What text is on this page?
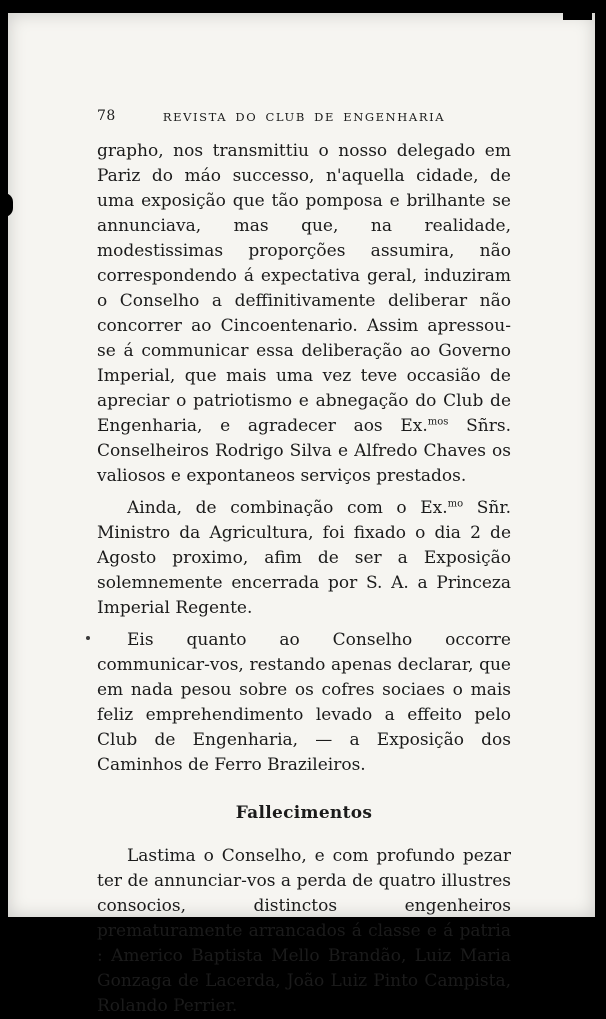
78	REVISTA DO CLUB DE ENGENHARIA

grapho, nos transmittiu o nosso delegado em Pariz do máo successo, n'aquella cidade, de uma exposição que tão pomposa e brilhante se annunciava, mas que, na realidade, modestissimas proporções assumira, não correspondendo á expectativa geral, induziram o Conselho a deffinitivamente deliberar não concorrer ao Cincoentenario. Assim apressou-se á communicar essa deliberação ao Governo Imperial, que mais uma vez teve occasião de apreciar o patriotismo e abnegação do Club de Engenharia, e agradecer aos Ex.$^{mos}$ Sñrs. Conselheiros Rodrigo Silva e Alfredo Chaves os valiosos e expontaneos serviços prestados.

Ainda, de combinação com o Ex.$^{mo}$ Sñr. Ministro da Agricultura, foi fixado o dia 2 de Agosto proximo, afim de ser a Exposição solemnemente encerrada por S. A. a Princeza Imperial Regente.

Eis quanto ao Conselho occorre communicar-vos, restando apenas declarar, que em nada pesou sobre os cofres sociaes o mais feliz emprehendimento levado a effeito pelo Club de Engenharia, — a Exposição dos Caminhos de Ferro Brazileiros.

Fallecimentos

Lastima o Conselho, e com profundo pezar ter de annunciar-vos a perda de quatro illustres consocios, distinctos engenheiros prematuramente arrancados á classe e á patria : Americo Baptista Mello Brandão, Luiz Maria Gonzaga de Lacerda, João Luiz Pinto Campista, Rolando Perrier.
